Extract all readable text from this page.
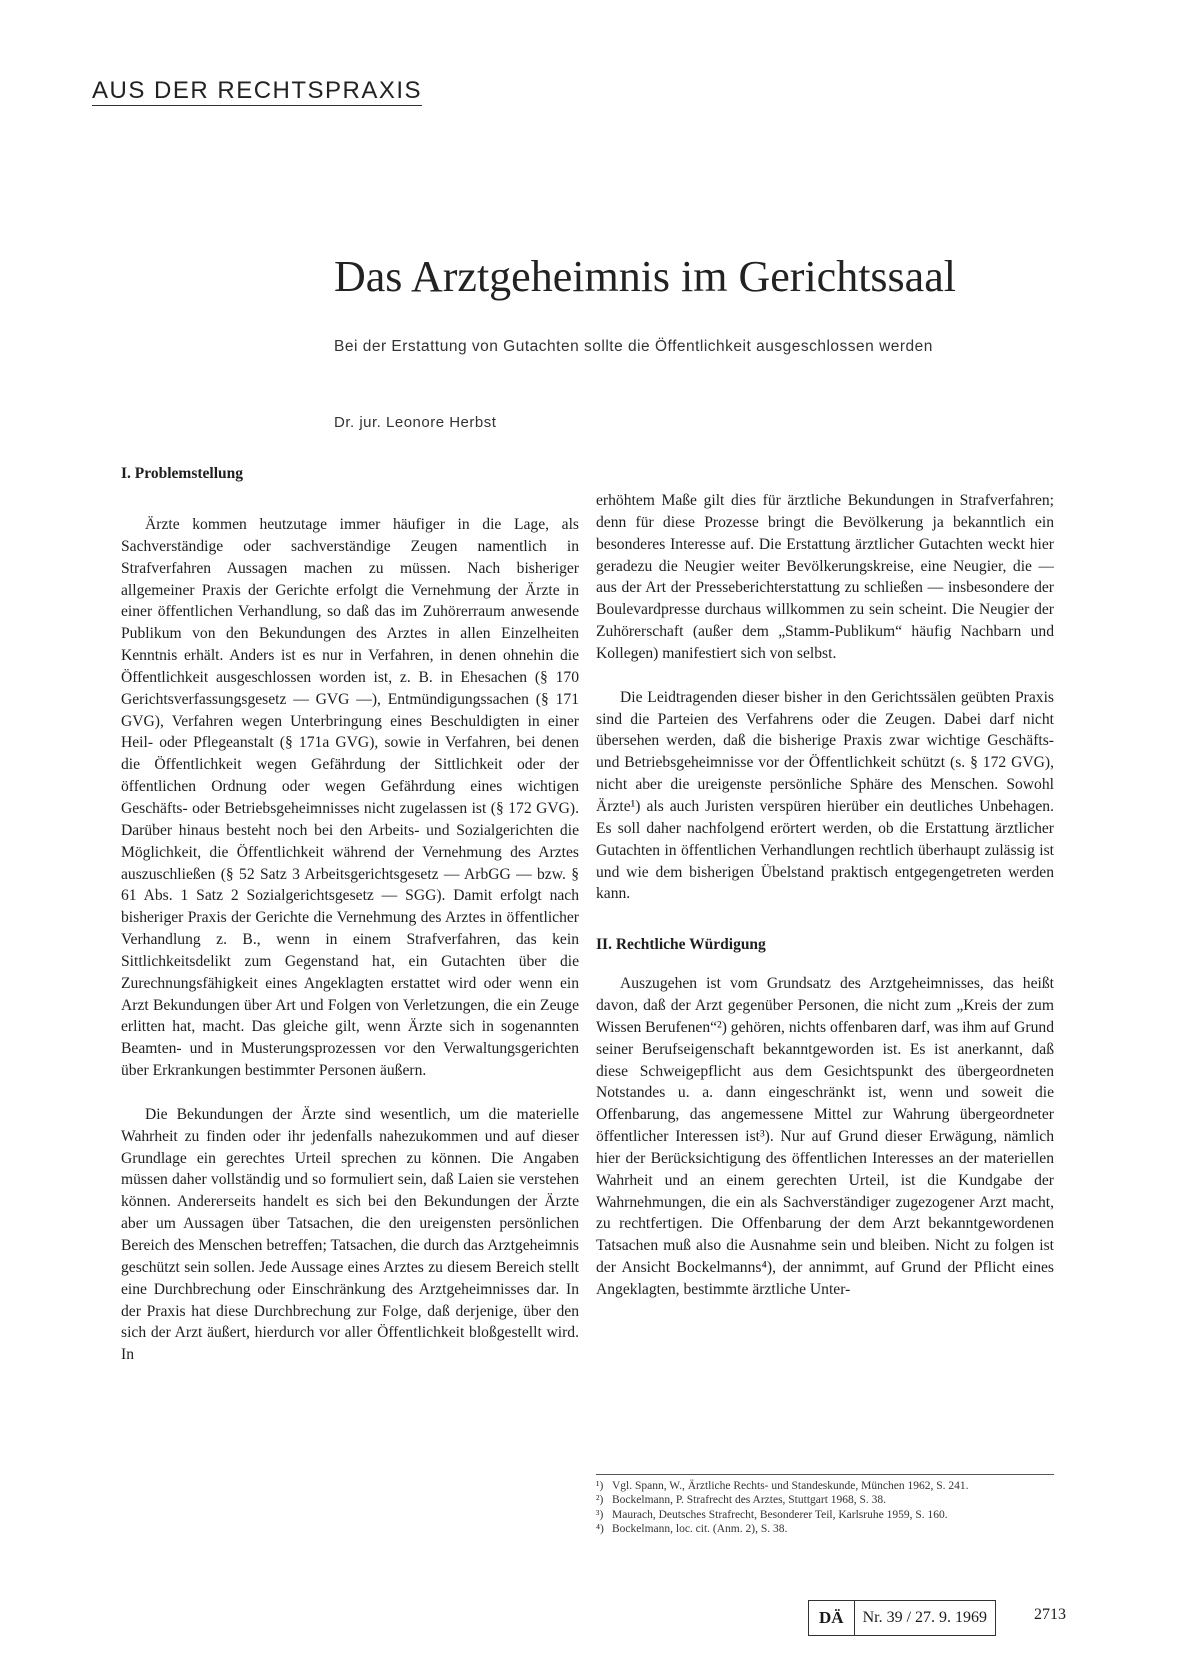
AUS DER RECHTSPRAXIS
Das Arztgeheimnis im Gerichtssaal
Bei der Erstattung von Gutachten sollte die Öffentlichkeit ausgeschlossen werden
Dr. jur. Leonore Herbst
I. Problemstellung

Ärzte kommen heutzutage immer häufiger in die Lage, als Sachverständige oder sachverständige Zeugen namentlich in Strafverfahren Aussagen machen zu müssen. Nach bisheriger allgemeiner Praxis der Gerichte erfolgt die Vernehmung der Ärzte in einer öffentlichen Verhandlung, so daß das im Zuhörerraum anwesende Publikum von den Bekundungen des Arztes in allen Einzelheiten Kenntnis erhält. Anders ist es nur in Verfahren, in denen ohnehin die Öffentlichkeit ausgeschlossen worden ist, z. B. in Ehesachen (§ 170 Gerichtsverfassungsgesetz — GVG —), Entmündigungssachen (§ 171 GVG), Verfahren wegen Unterbringung eines Beschuldigten in einer Heil- oder Pflegeanstalt (§ 171a GVG), sowie in Verfahren, bei denen die Öffentlichkeit wegen Gefährdung der Sittlichkeit oder der öffentlichen Ordnung oder wegen Gefährdung eines wichtigen Geschäfts- oder Betriebsgeheimnisses nicht zugelassen ist (§ 172 GVG). Darüber hinaus besteht noch bei den Arbeits- und Sozialgerichten die Möglichkeit, die Öffentlichkeit während der Vernehmung des Arztes auszuschließen (§ 52 Satz 3 Arbeitsgerichtsgesetz — ArbGG — bzw. § 61 Abs. 1 Satz 2 Sozialgerichtsgesetz — SGG). Damit erfolgt nach bisheriger Praxis der Gerichte die Vernehmung des Arztes in öffentlicher Verhandlung z. B., wenn in einem Strafverfahren, das kein Sittlichkeitsdelikt zum Gegenstand hat, ein Gutachten über die Zurechnungsfähigkeit eines Angeklagten erstattet wird oder wenn ein Arzt Bekundungen über Art und Folgen von Verletzungen, die ein Zeuge erlitten hat, macht. Das gleiche gilt, wenn Ärzte sich in sogenannten Beamten- und in Musterungsprozessen vor den Verwaltungsgerichten über Erkrankungen bestimmter Personen äußern.

Die Bekundungen der Ärzte sind wesentlich, um die materielle Wahrheit zu finden oder ihr jedenfalls nahezukommen und auf dieser Grundlage ein gerechtes Urteil sprechen zu können. Die Angaben müssen daher vollständig und so formuliert sein, daß Laien sie verstehen können. Andererseits handelt es sich bei den Bekundungen der Ärzte aber um Aussagen über Tatsachen, die den ureigensten persönlichen Bereich des Menschen betreffen; Tatsachen, die durch das Arztgeheimnis geschützt sein sollen. Jede Aussage eines Arztes zu diesem Bereich stellt eine Durchbrechung oder Einschränkung des Arztgeheimnisses dar. In der Praxis hat diese Durchbrechung zur Folge, daß derjenige, über den sich der Arzt äußert, hierdurch vor aller Öffentlichkeit bloßgestellt wird. In

erhöhtem Maße gilt dies für ärztliche Bekundungen in Strafverfahren; denn für diese Prozesse bringt die Bevölkerung ja bekanntlich ein besonderes Interesse auf. Die Erstattung ärztlicher Gutachten weckt hier geradezu die Neugier weiter Bevölkerungskreise, eine Neugier, die — aus der Art der Presseberichterstattung zu schließen — insbesondere der Boulevardpresse durchaus willkommen zu sein scheint. Die Neugier der Zuhörerschaft (außer dem „Stamm-Publikum“ häufig Nachbarn und Kollegen) manifestiert sich von selbst.

Die Leidtragenden dieser bisher in den Gerichtssälen geübten Praxis sind die Parteien des Verfahrens oder die Zeugen. Dabei darf nicht übersehen werden, daß die bisherige Praxis zwar wichtige Geschäfts- und Betriebsgeheimnisse vor der Öffentlichkeit schützt (s. § 172 GVG), nicht aber die ureigenste persönliche Sphäre des Menschen. Sowohl Ärzte¹) als auch Juristen verspüren hierüber ein deutliches Unbehagen. Es soll daher nachfolgend erörtert werden, ob die Erstattung ärztlicher Gutachten in öffentlichen Verhandlungen rechtlich überhaupt zulässig ist und wie dem bisherigen Übelstand praktisch entgegengetreten werden kann.

II. Rechtliche Würdigung

Auszugehen ist vom Grundsatz des Arztgeheimnisses, das heißt davon, daß der Arzt gegenüber Personen, die nicht zum „Kreis der zum Wissen Berufenen“²) gehören, nichts offenbaren darf, was ihm auf Grund seiner Berufseigenschaft bekanntgeworden ist. Es ist anerkannt, daß diese Schweigepflicht aus dem Gesichtspunkt des übergeordneten Notstandes u. a. dann eingeschränkt ist, wenn und soweit die Offenbarung, das angemessene Mittel zur Wahrung übergeordneter öffentlicher Interessen ist³). Nur auf Grund dieser Erwägung, nämlich hier der Berücksichtigung des öffentlichen Interesses an der materiellen Wahrheit und an einem gerechten Urteil, ist die Kundgabe der Wahrnehmungen, die ein als Sachverständiger zugezogener Arzt macht, zu rechtfertigen. Die Offenbarung der dem Arzt bekanntgewordenen Tatsachen muß also die Ausnahme sein und bleiben. Nicht zu folgen ist der Ansicht Bockelmanns⁴), der annimmt, auf Grund der Pflicht eines Angeklagten, bestimmte ärztliche Unter-

¹) Vgl. Spann, W., Ärztliche Rechts- und Standeskunde, München 1962, S. 241.
²) Bockelmann, P. Strafrecht des Arztes, Stuttgart 1968, S. 38.
³) Maurach, Deutsches Strafrecht, Besonderer Teil, Karlsruhe 1959, S. 160.
⁴) Bockelmann, loc. cit. (Anm. 2), S. 38.
DÄ	Nr. 39 / 27. 9. 1969	2713
